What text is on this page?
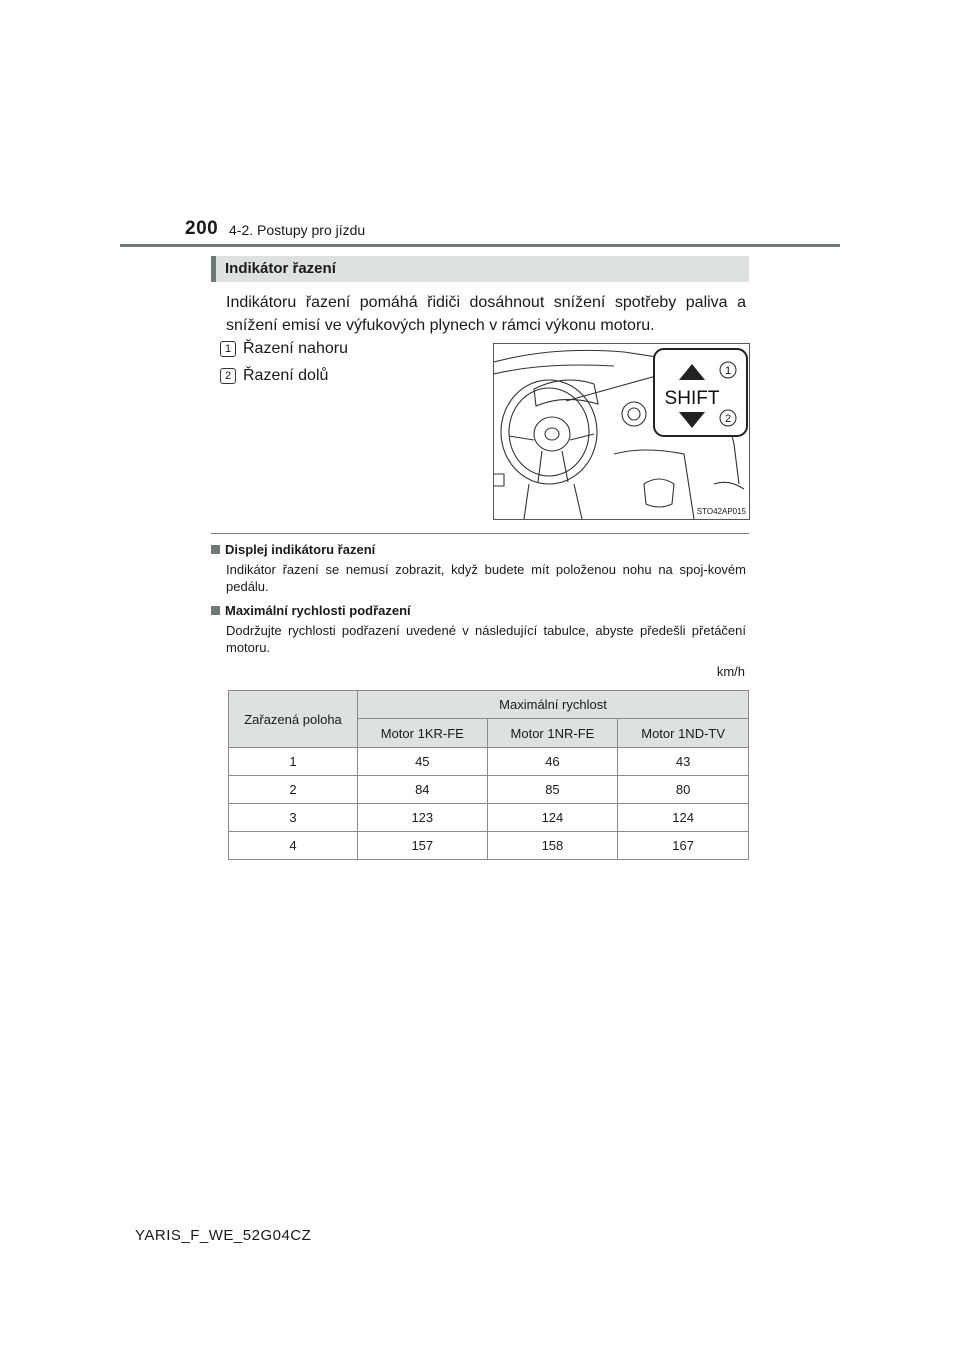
200 4-2. Postupy pro jízdu
Indikátor řazení
Indikátoru řazení pomáhá řidiči dosáhnout snížení spotřeby paliva a snížení emisí ve výfukových plynech v rámci výkonu motoru.
1 Řazení nahoru
2 Řazení dolů
SHIFT
1
2
STO42AP015
Displej indikátoru řazení
Indikátor řazení se nemusí zobrazit, když budete mít položenou nohu na spoj-kovém pedálu.
Maximální rychlosti podřazení
Dodržujte rychlosti podřazení uvedené v následující tabulce, abyste předešli přetáčení motoru.
km/h
Zařazená poloha	Maximální rychlost		
	Motor 1KR-FE	Motor 1NR-FE	Motor 1ND-TV
1	45	46	43
2	84	85	80
3	123	124	124
4	157	158	167
YARIS_F_WE_52G04CZ
